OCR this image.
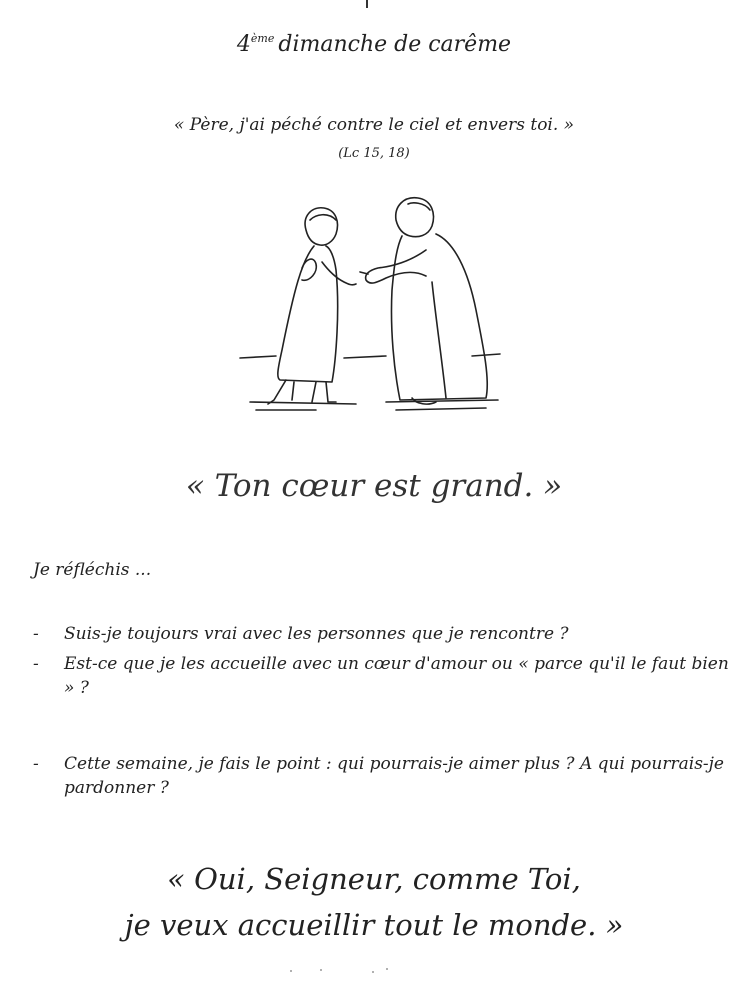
4ème dimanche de carême
« Père, j'ai péché contre le ciel et envers toi. »
(Lc 15, 18)
« Ton cœur est grand. »
Je réfléchis ...
- Suis-je toujours vrai avec les personnes que je rencontre ?
- Est-ce que je les accueille avec un cœur d'amour ou « parce qu'il le faut bien » ?
- Cette semaine, je fais le point : qui pourrais-je aimer plus ? A qui pourrais-je pardonner ?
« Oui, Seigneur, comme Toi,
je veux accueillir tout le monde. »
